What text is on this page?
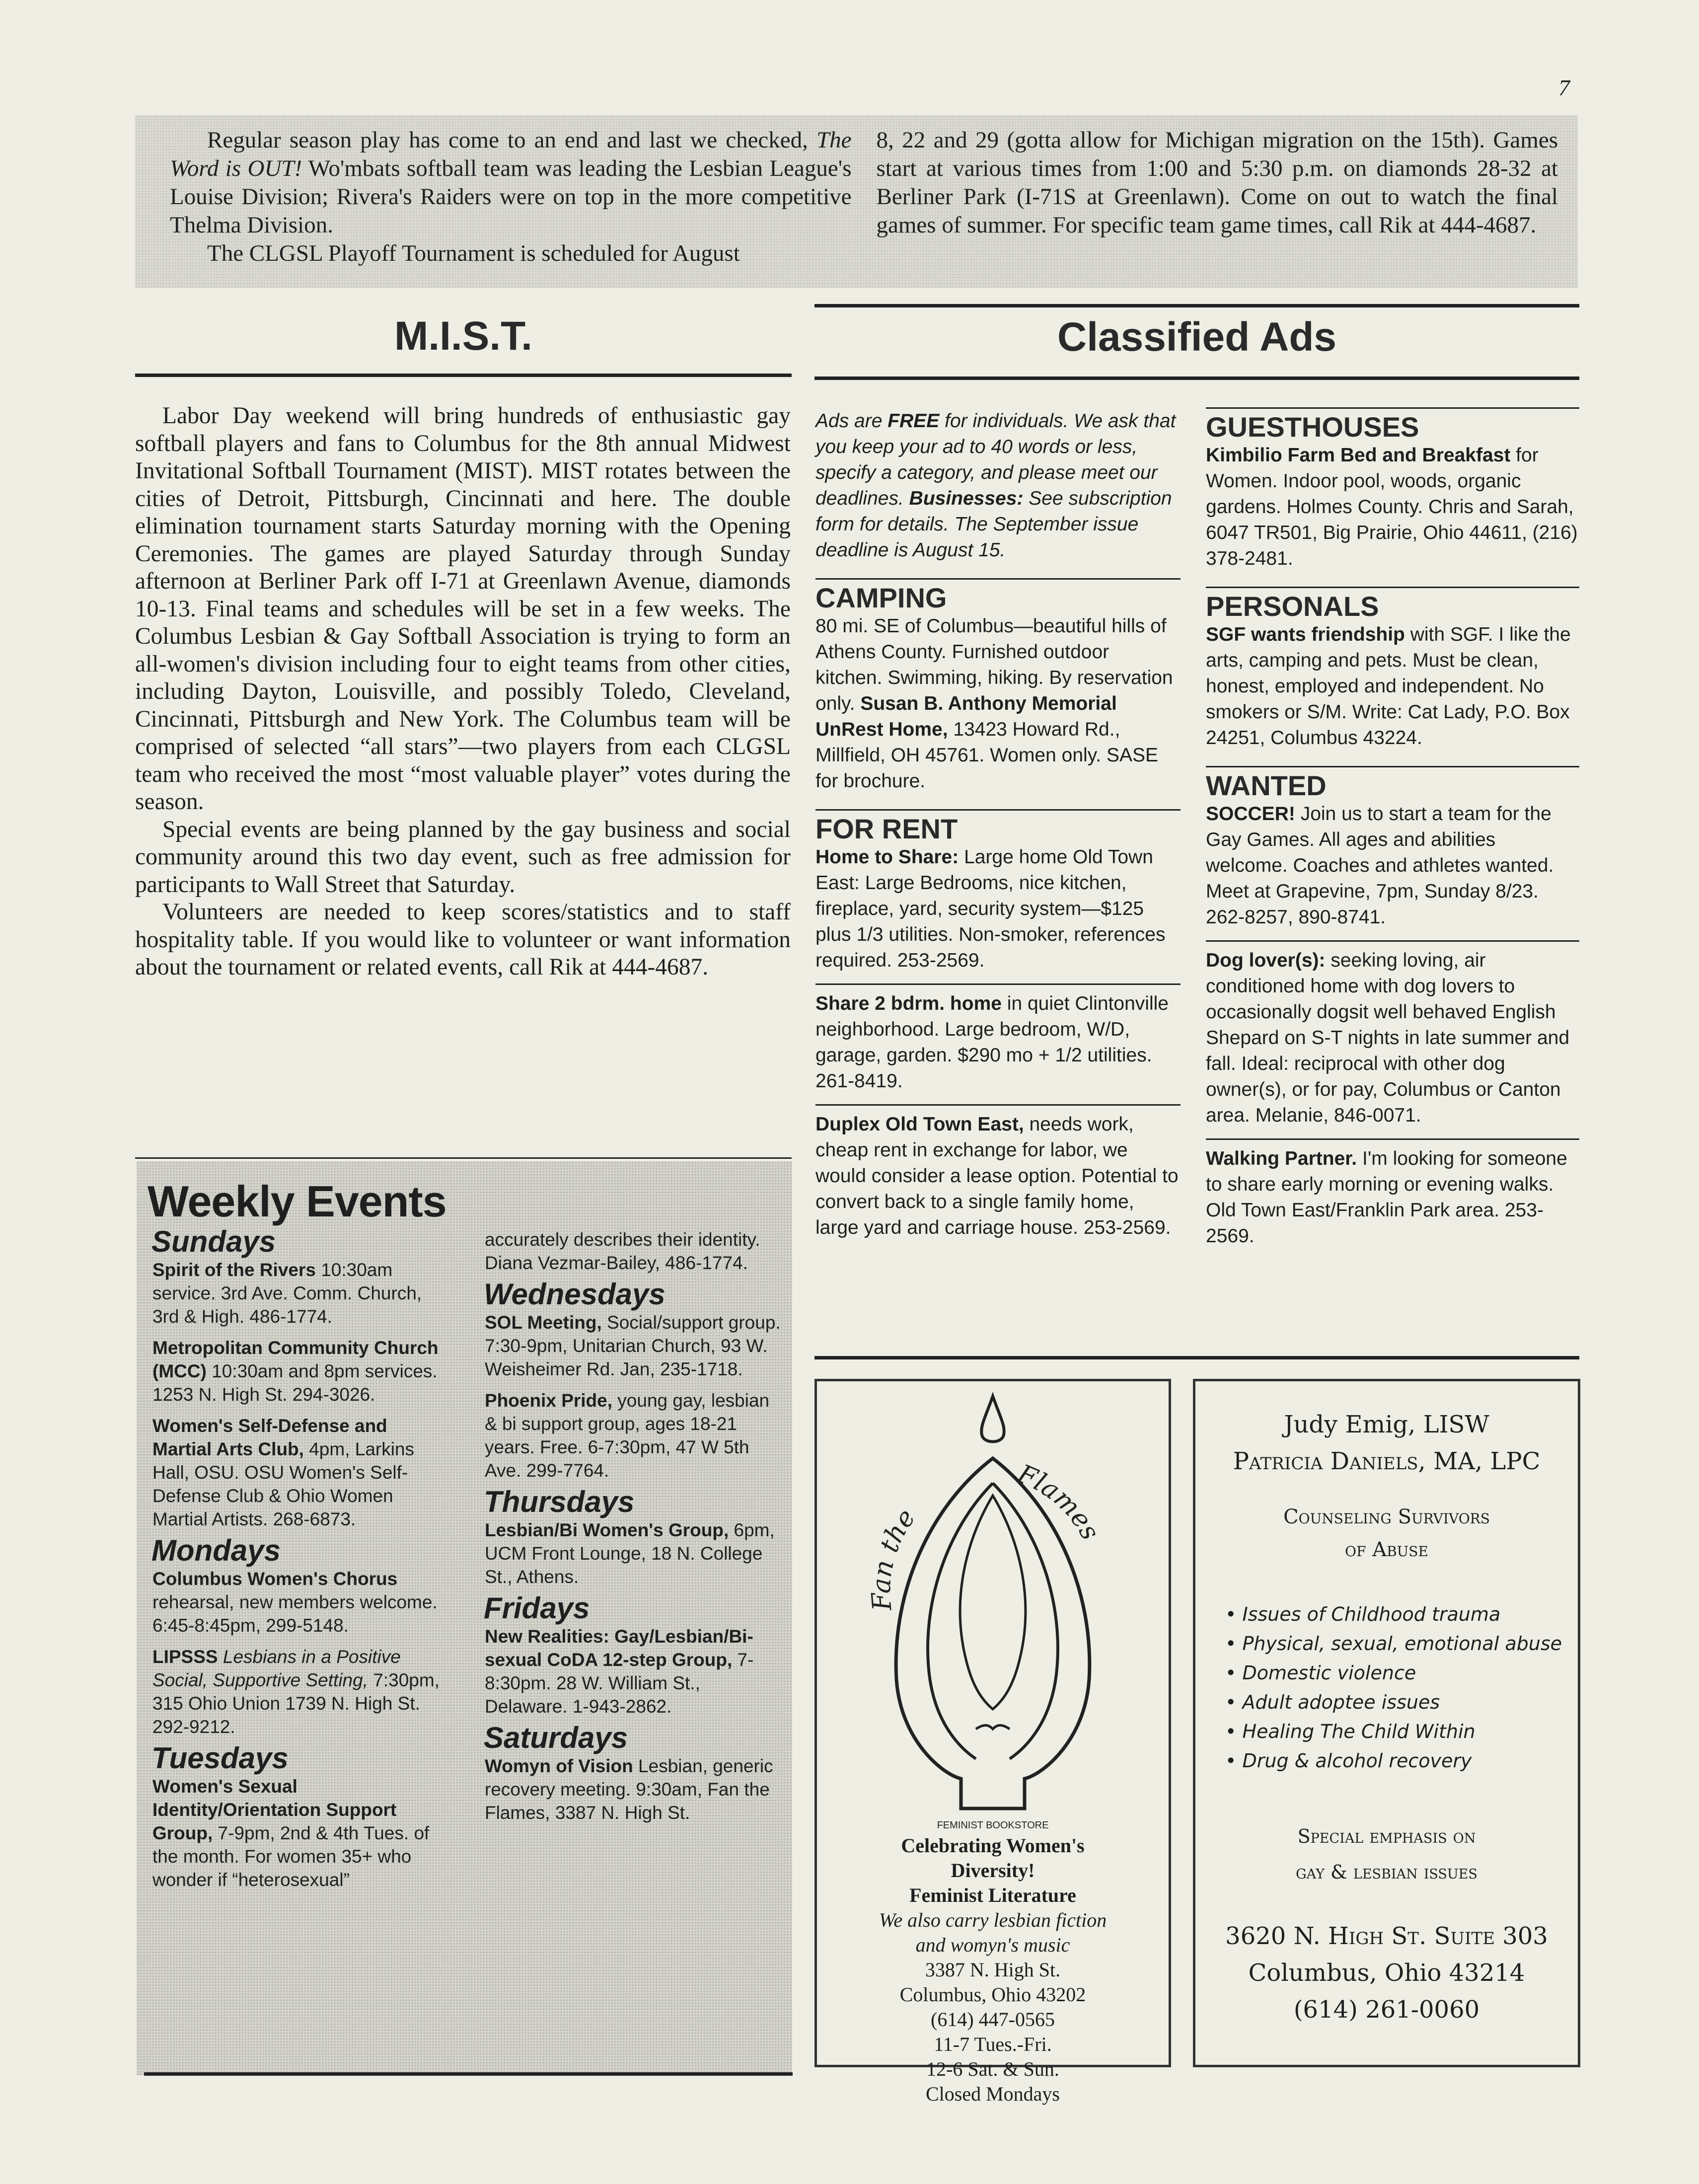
7

Regular season play has come to an end and last we checked, The Word is OUT! Wo'mbats softball team was leading the Lesbian League's Louise Division; Rivera's Raiders were on top in the more competitive Thelma Division.

The CLGSL Playoff Tournament is scheduled for August

8, 22 and 29 (gotta allow for Michigan migration on the 15th). Games start at various times from 1:00 and 5:30 p.m. on diamonds 28-32 at Berliner Park (I-71S at Greenlawn). Come on out to watch the final games of summer. For specific team game times, call Rik at 444-4687.

M.I.S.T.

Labor Day weekend will bring hundreds of enthusiastic gay softball players and fans to Columbus for the 8th annual Midwest Invitational Softball Tournament (MIST). MIST rotates between the cities of Detroit, Pittsburgh, Cincinnati and here. The double elimination tournament starts Saturday morning with the Opening Ceremonies. The games are played Saturday through Sunday afternoon at Berliner Park off I-71 at Greenlawn Avenue, diamonds 10-13. Final teams and schedules will be set in a few weeks. The Columbus Lesbian & Gay Softball Association is trying to form an all-women's division including four to eight teams from other cities, including Dayton, Louisville, and possibly Toledo, Cleveland, Cincinnati, Pittsburgh and New York. The Columbus team will be comprised of selected “all stars”—two players from each CLGSL team who received the most “most valuable player” votes during the season.

Special events are being planned by the gay business and social community around this two day event, such as free admission for participants to Wall Street that Saturday.

Volunteers are needed to keep scores/statistics and to staff hospitality table. If you would like to volunteer or want information about the tournament or related events, call Rik at 444-4687.

Weekly Events
Sundays
Spirit of the Rivers 10:30am service. 3rd Ave. Comm. Church, 3rd & High. 486-1774.
Metropolitan Community Church (MCC) 10:30am and 8pm services. 1253 N. High St. 294-3026.
Women's Self-Defense and Martial Arts Club, 4pm, Larkins Hall, OSU. OSU Women's Self-Defense Club & Ohio Women Martial Artists. 268-6873.
Mondays
Columbus Women's Chorus rehearsal, new members welcome. 6:45-8:45pm, 299-5148.
LIPSSS Lesbians in a Positive Social, Supportive Setting, 7:30pm, 315 Ohio Union 1739 N. High St. 292-9212.
Tuesdays
Women's Sexual Identity/Orientation Support Group, 7-9pm, 2nd & 4th Tues. of the month. For women 35+ who wonder if “heterosexual”
accurately describes their identity. Diana Vezmar-Bailey, 486-1774.
Wednesdays
SOL Meeting, Social/support group. 7:30-9pm, Unitarian Church, 93 W. Weisheimer Rd. Jan, 235-1718.
Phoenix Pride, young gay, lesbian & bi support group, ages 18-21 years. Free. 6-7:30pm, 47 W 5th Ave. 299-7764.
Thursdays
Lesbian/Bi Women's Group, 6pm, UCM Front Lounge, 18 N. College St., Athens.
Fridays
New Realities: Gay/Lesbian/Bi-sexual CoDA 12-step Group, 7-8:30pm. 28 W. William St., Delaware. 1-943-2862.
Saturdays
Womyn of Vision Lesbian, generic recovery meeting. 9:30am, Fan the Flames, 3387 N. High St.
Classified Ads
Ads are FREE for individuals. We ask that you keep your ad to 40 words or less, specify a category, and please meet our deadlines. Businesses: See subscription form for details. The September issue deadline is August 15.
CAMPING
80 mi. SE of Columbus—beautiful hills of Athens County. Furnished outdoor kitchen. Swimming, hiking. By reservation only. Susan B. Anthony Memorial UnRest Home, 13423 Howard Rd., Millfield, OH 45761. Women only. SASE for brochure.
FOR RENT
Home to Share: Large home Old Town East: Large Bedrooms, nice kitchen, fireplace, yard, security system—$125 plus 1/3 utilities. Non-smoker, references required. 253-2569.
Share 2 bdrm. home in quiet Clintonville neighborhood. Large bedroom, W/D, garage, garden. $290 mo + 1/2 utilities. 261-8419.
Duplex Old Town East, needs work, cheap rent in exchange for labor, we would consider a lease option. Potential to convert back to a single family home, large yard and carriage house. 253-2569.
GUESTHOUSES
Kimbilio Farm Bed and Breakfast for Women. Indoor pool, woods, organic gardens. Holmes County. Chris and Sarah, 6047 TR501, Big Prairie, Ohio 44611, (216) 378-2481.
PERSONALS
SGF wants friendship with SGF. I like the arts, camping and pets. Must be clean, honest, employed and independent. No smokers or S/M. Write: Cat Lady, P.O. Box 24251, Columbus 43224.
WANTED
SOCCER! Join us to start a team for the Gay Games. All ages and abilities welcome. Coaches and athletes wanted. Meet at Grapevine, 7pm, Sunday 8/23. 262-8257, 890-8741.
Dog lover(s): seeking loving, air conditioned home with dog lovers to occasionally dogsit well behaved English Shepard on S-T nights in late summer and fall. Ideal: reciprocal with other dog owner(s), or for pay, Columbus or Canton area. Melanie, 846-0071.
Walking Partner. I'm looking for someone to share early morning or evening walks. Old Town East/Franklin Park area. 253-2569.
Fan the
Flames
FEMINIST BOOKSTORE
Celebrating Women's
Diversity!
Feminist Literature
We also carry lesbian fiction
and womyn's music
3387 N. High St.
Columbus, Ohio 43202
(614) 447-0565
11-7 Tues.-Fri.
12-6 Sat. & Sun.
Closed Mondays
Judy Emig, LISW
Patricia Daniels, MA, LPC
Counseling Survivors
of Abuse
• Issues of Childhood trauma
• Physical, sexual, emotional abuse
• Domestic violence
• Adult adoptee issues
• Healing The Child Within
• Drug & alcohol recovery
Special emphasis on
gay & lesbian issues
3620 N. High St. Suite 303
Columbus, Ohio 43214
(614) 261-0060
